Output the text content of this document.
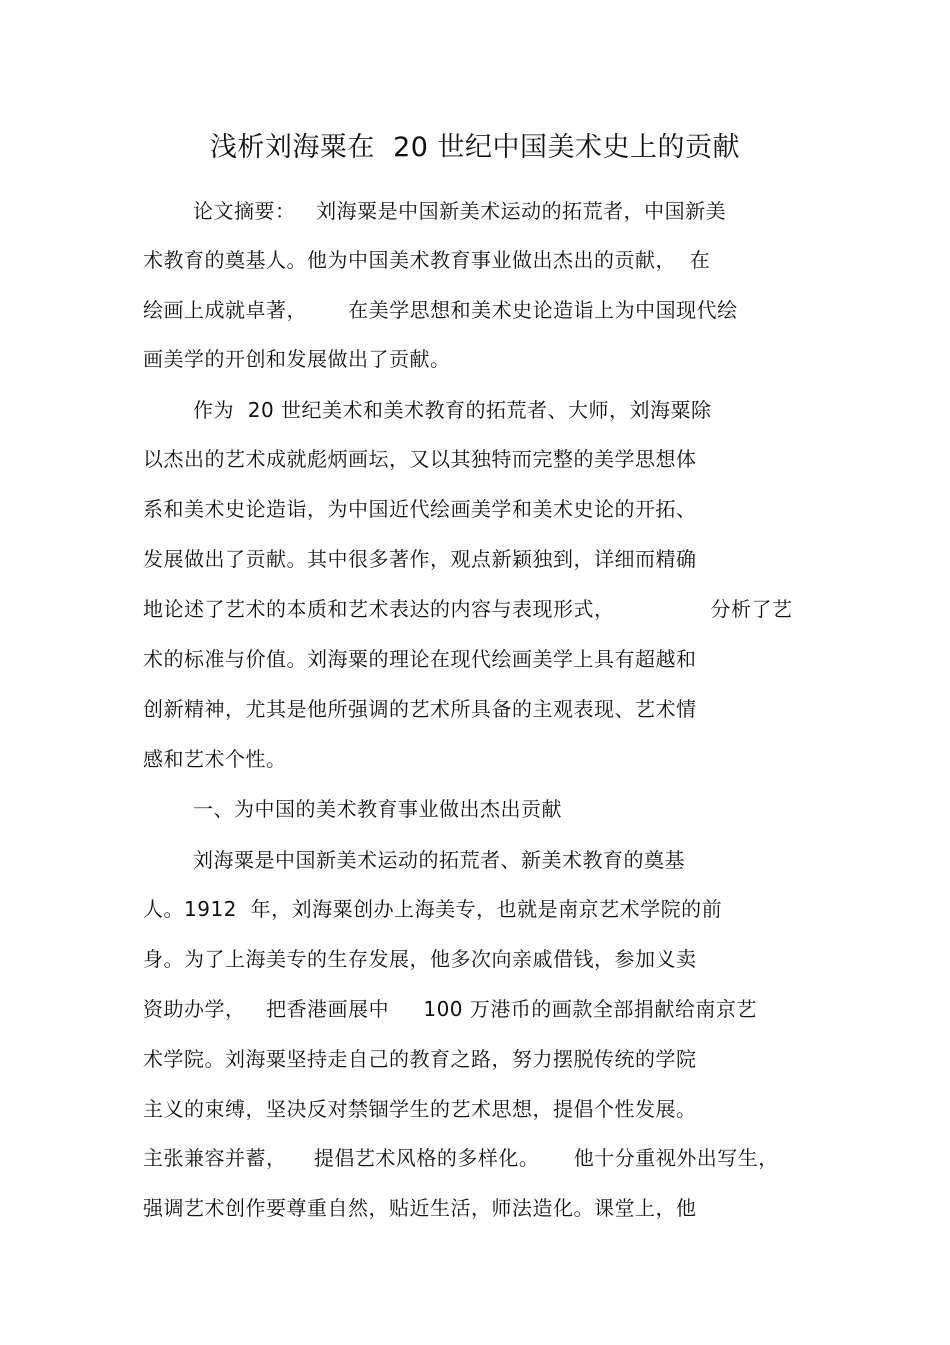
浅析刘海粟在  20 世纪中国美术史上的贡献
论文摘要：   刘海粟是中国新美术运动的拓荒者，中国新美
术教育的奠基人。他为中国美术教育事业做出杰出的贡献，  在
绘画上成就卓著，      在美学思想和美术史论造诣上为中国现代绘
画美学的开创和发展做出了贡献。
作为  20 世纪美术和美术教育的拓荒者、大师，刘海粟除
以杰出的艺术成就彪炳画坛，又以其独特而完整的美学思想体
系和美术史论造诣，为中国近代绘画美学和美术史论的开拓、
发展做出了贡献。其中很多著作，观点新颖独到，详细而精确
地论述了艺术的本质和艺术表达的内容与表现形式，              分析了艺
术的标准与价值。刘海粟的理论在现代绘画美学上具有超越和
创新精神，尤其是他所强调的艺术所具备的主观表现、艺术情
感和艺术个性。
一、为中国的美术教育事业做出杰出贡献
刘海粟是中国新美术运动的拓荒者、新美术教育的奠基
人。1912  年，刘海粟创办上海美专，也就是南京艺术学院的前
身。为了上海美专的生存发展，他多次向亲戚借钱，参加义卖
资助办学，   把香港画展中     100 万港币的画款全部捐献给南京艺
术学院。刘海粟坚持走自己的教育之路，努力摆脱传统的学院
主义的束缚，坚决反对禁锢学生的艺术思想，提倡个性发展。
主张兼容并蓄，    提倡艺术风格的多样化。     他十分重视外出写生，
强调艺术创作要尊重自然，贴近生活，师法造化。课堂上，他
